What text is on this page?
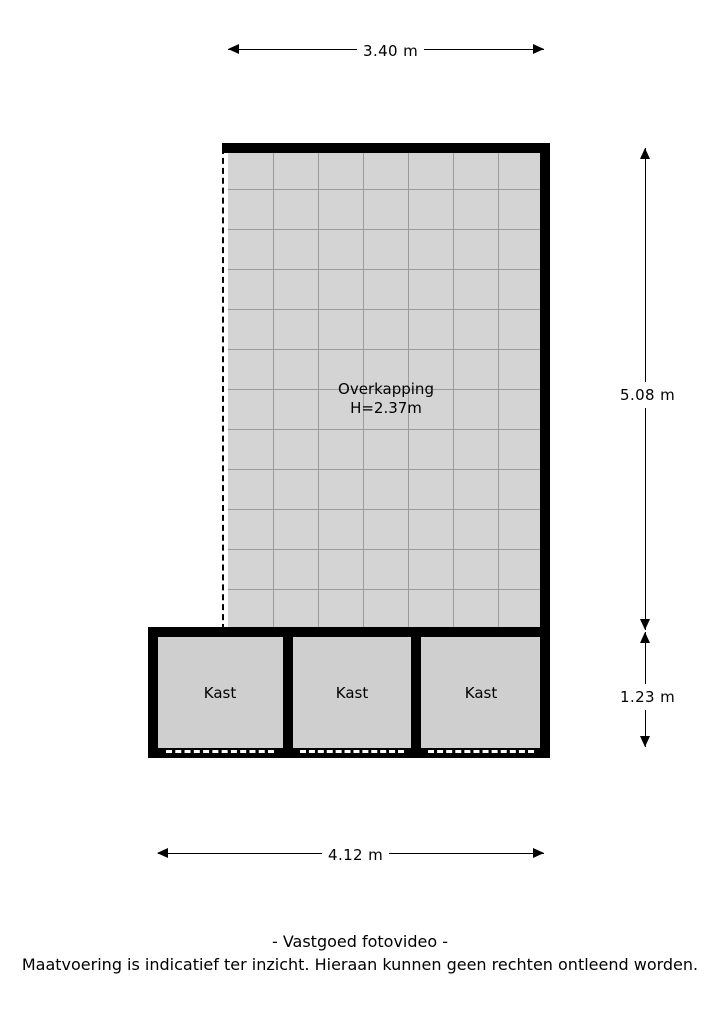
3.40 m
5.08 m
1.23 m
Overkapping
H=2.37m
Kast	Kast	Kast
4.12 m
- Vastgoed fotovideo -
Maatvoering is indicatief ter inzicht. Hieraan kunnen geen rechten ontleend worden.
